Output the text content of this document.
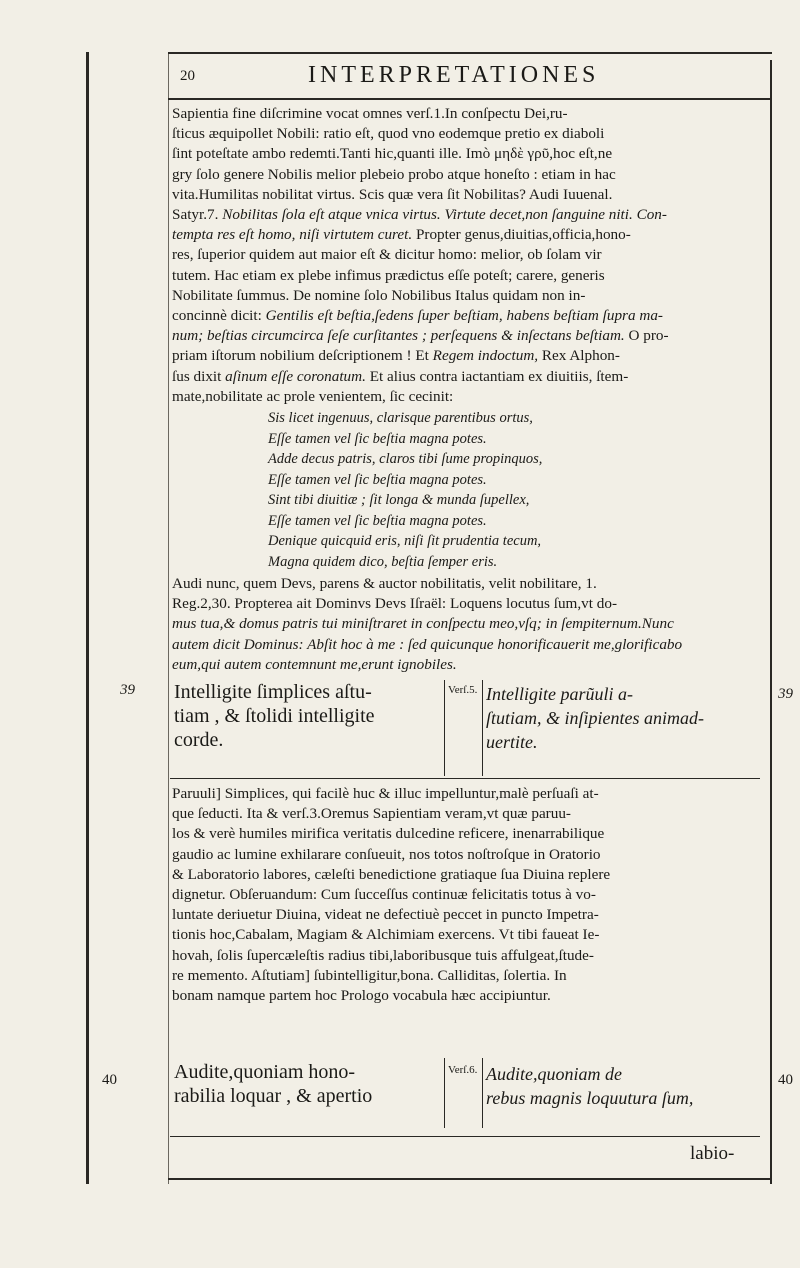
20	INTERPRETATIONES

Sapientia fine diſcrimine vocat omnes verſ.1.In conſpectu Dei,ru-

ſticus æquipollet Nobili: ratio eſt, quod vno eodemque pretio ex diaboli

ſint poteſtate ambo redemti.Tanti hic,quanti ille. Imò μηδὲ γρῦ,hoc eſt,ne

gry ſolo genere Nobilis melior plebeio probo atque honeſto : etiam in hac

vita.Humilitas nobilitat virtus. Scis quæ vera ſit Nobilitas? Audi Iuuenal.

Satyr.7. Nobilitas ſola eſt atque vnica virtus. Virtute decet,non ſanguine niti. Con-

tempta res eſt homo, niſi virtutem curet. Propter genus,diuitias,officia,hono-

res, ſuperior quidem aut maior eſt & dicitur homo: melior, ob ſolam vir

tutem. Hac etiam ex plebe infimus prædictus eſſe poteſt; carere, generis

Nobilitate ſummus. De nomine ſolo Nobilibus Italus quidam non in-

concinnè dicit: Gentilis eſt beſtia,ſedens ſuper beſtiam, habens beſtiam ſupra ma-

num; beſtias circumcirca ſeſe curſitantes ; perſequens & inſectans beſtiam. O pro-

priam iſtorum nobilium deſcriptionem ! Et Regem indoctum, Rex Alphon-

ſus dixit aſinum eſſe coronatum. Et alius contra iactantiam ex diuitiis, ſtem-

mate,nobilitate ac prole venientem, ſic cecinit:

Sis licet ingenuus, clarisque parentibus ortus,
Eſſe tamen vel ſic beſtia magna potes.
Adde decus patris, claros tibi ſume propinquos,
Eſſe tamen vel ſic beſtia magna potes.
Sint tibi diuitiæ ; ſit longa & munda ſupellex,
Eſſe tamen vel ſic beſtia magna potes.
Denique quicquid eris, niſi ſit prudentia tecum,
Magna quidem dico, beſtia ſemper eris.

Audi nunc, quem Devs, parens & auctor nobilitatis, velit nobilitare, 1.

Reg.2,30. Propterea ait Dominvs Devs Iſraël: Loquens locutus ſum,vt do-

mus tua,& domus patris tui miniſtraret in conſpectu meo,vſq; in ſempiternum.Nunc

autem dicit Dominus: Abſit hoc à me : ſed quicunque honorificauerit me,glorificabo

eum,qui autem contemnunt me,erunt ignobiles.

39	39
Intelligite ſimplices aſtu-
tiam , & ſtolidi intelligite
corde.
Verſ.5. Intelligite parũuli a-
ſtutiam, & inſipientes animad-
uertite.

Paruuli] Simplices, qui facilè huc & illuc impelluntur,malè perſuaſi at-

que ſeducti. Ita & verſ.3.Oremus Sapientiam veram,vt quæ paruu-

los & verè humiles mirifica veritatis dulcedine reficere, inenarrabilique

gaudio ac lumine exhilarare conſueuit, nos totos noſtroſque in Oratorio

& Laboratorio labores, cæleſti benedictione gratiaque ſua Diuina replere

dignetur. Obſeruandum: Cum ſucceſſus continuæ felicitatis totus à vo-

luntate deriuetur Diuina, videat ne defectiuè peccet in puncto Impetra-

tionis hoc,Cabalam, Magiam & Alchimiam exercens. Vt tibi faueat Ie-

hovah, ſolis ſupercæleſtis radius tibi,laboribusque tuis affulgeat,ſtude-

re memento. Aſtutiam] ſubintelligitur,bona. Calliditas, ſolertia. In

bonam namque partem hoc Prologo vocabula hæc accipiuntur.

40	40
Audite,quoniam hono-
rabilia loquar , & apertio
Verſ.6. Audite,quoniam de
rebus magnis loquutura ſum,
labio-
